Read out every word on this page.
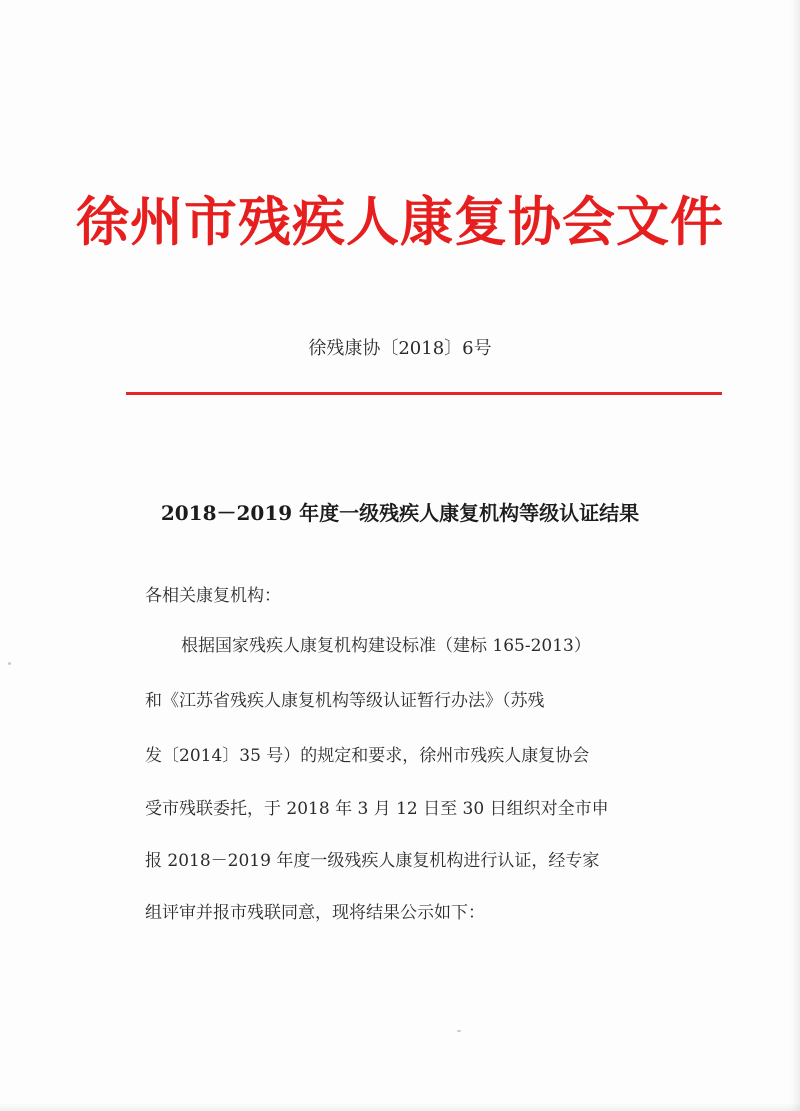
徐州市残疾人康复协会文件
徐残康协〔2018〕6号
2018－2019 年度一级残疾人康复机构等级认证结果
各相关康复机构：
根据国家残疾人康复机构建设标准（建标 165-2013）
和《江苏省残疾人康复机构等级认证暂行办法》（苏残
发〔2014〕35 号）的规定和要求，徐州市残疾人康复协会
受市残联委托，于 2018 年 3 月 12 日至 30 日组织对全市申
报 2018－2019 年度一级残疾人康复机构进行认证，经专家
组评审并报市残联同意，现将结果公示如下：
